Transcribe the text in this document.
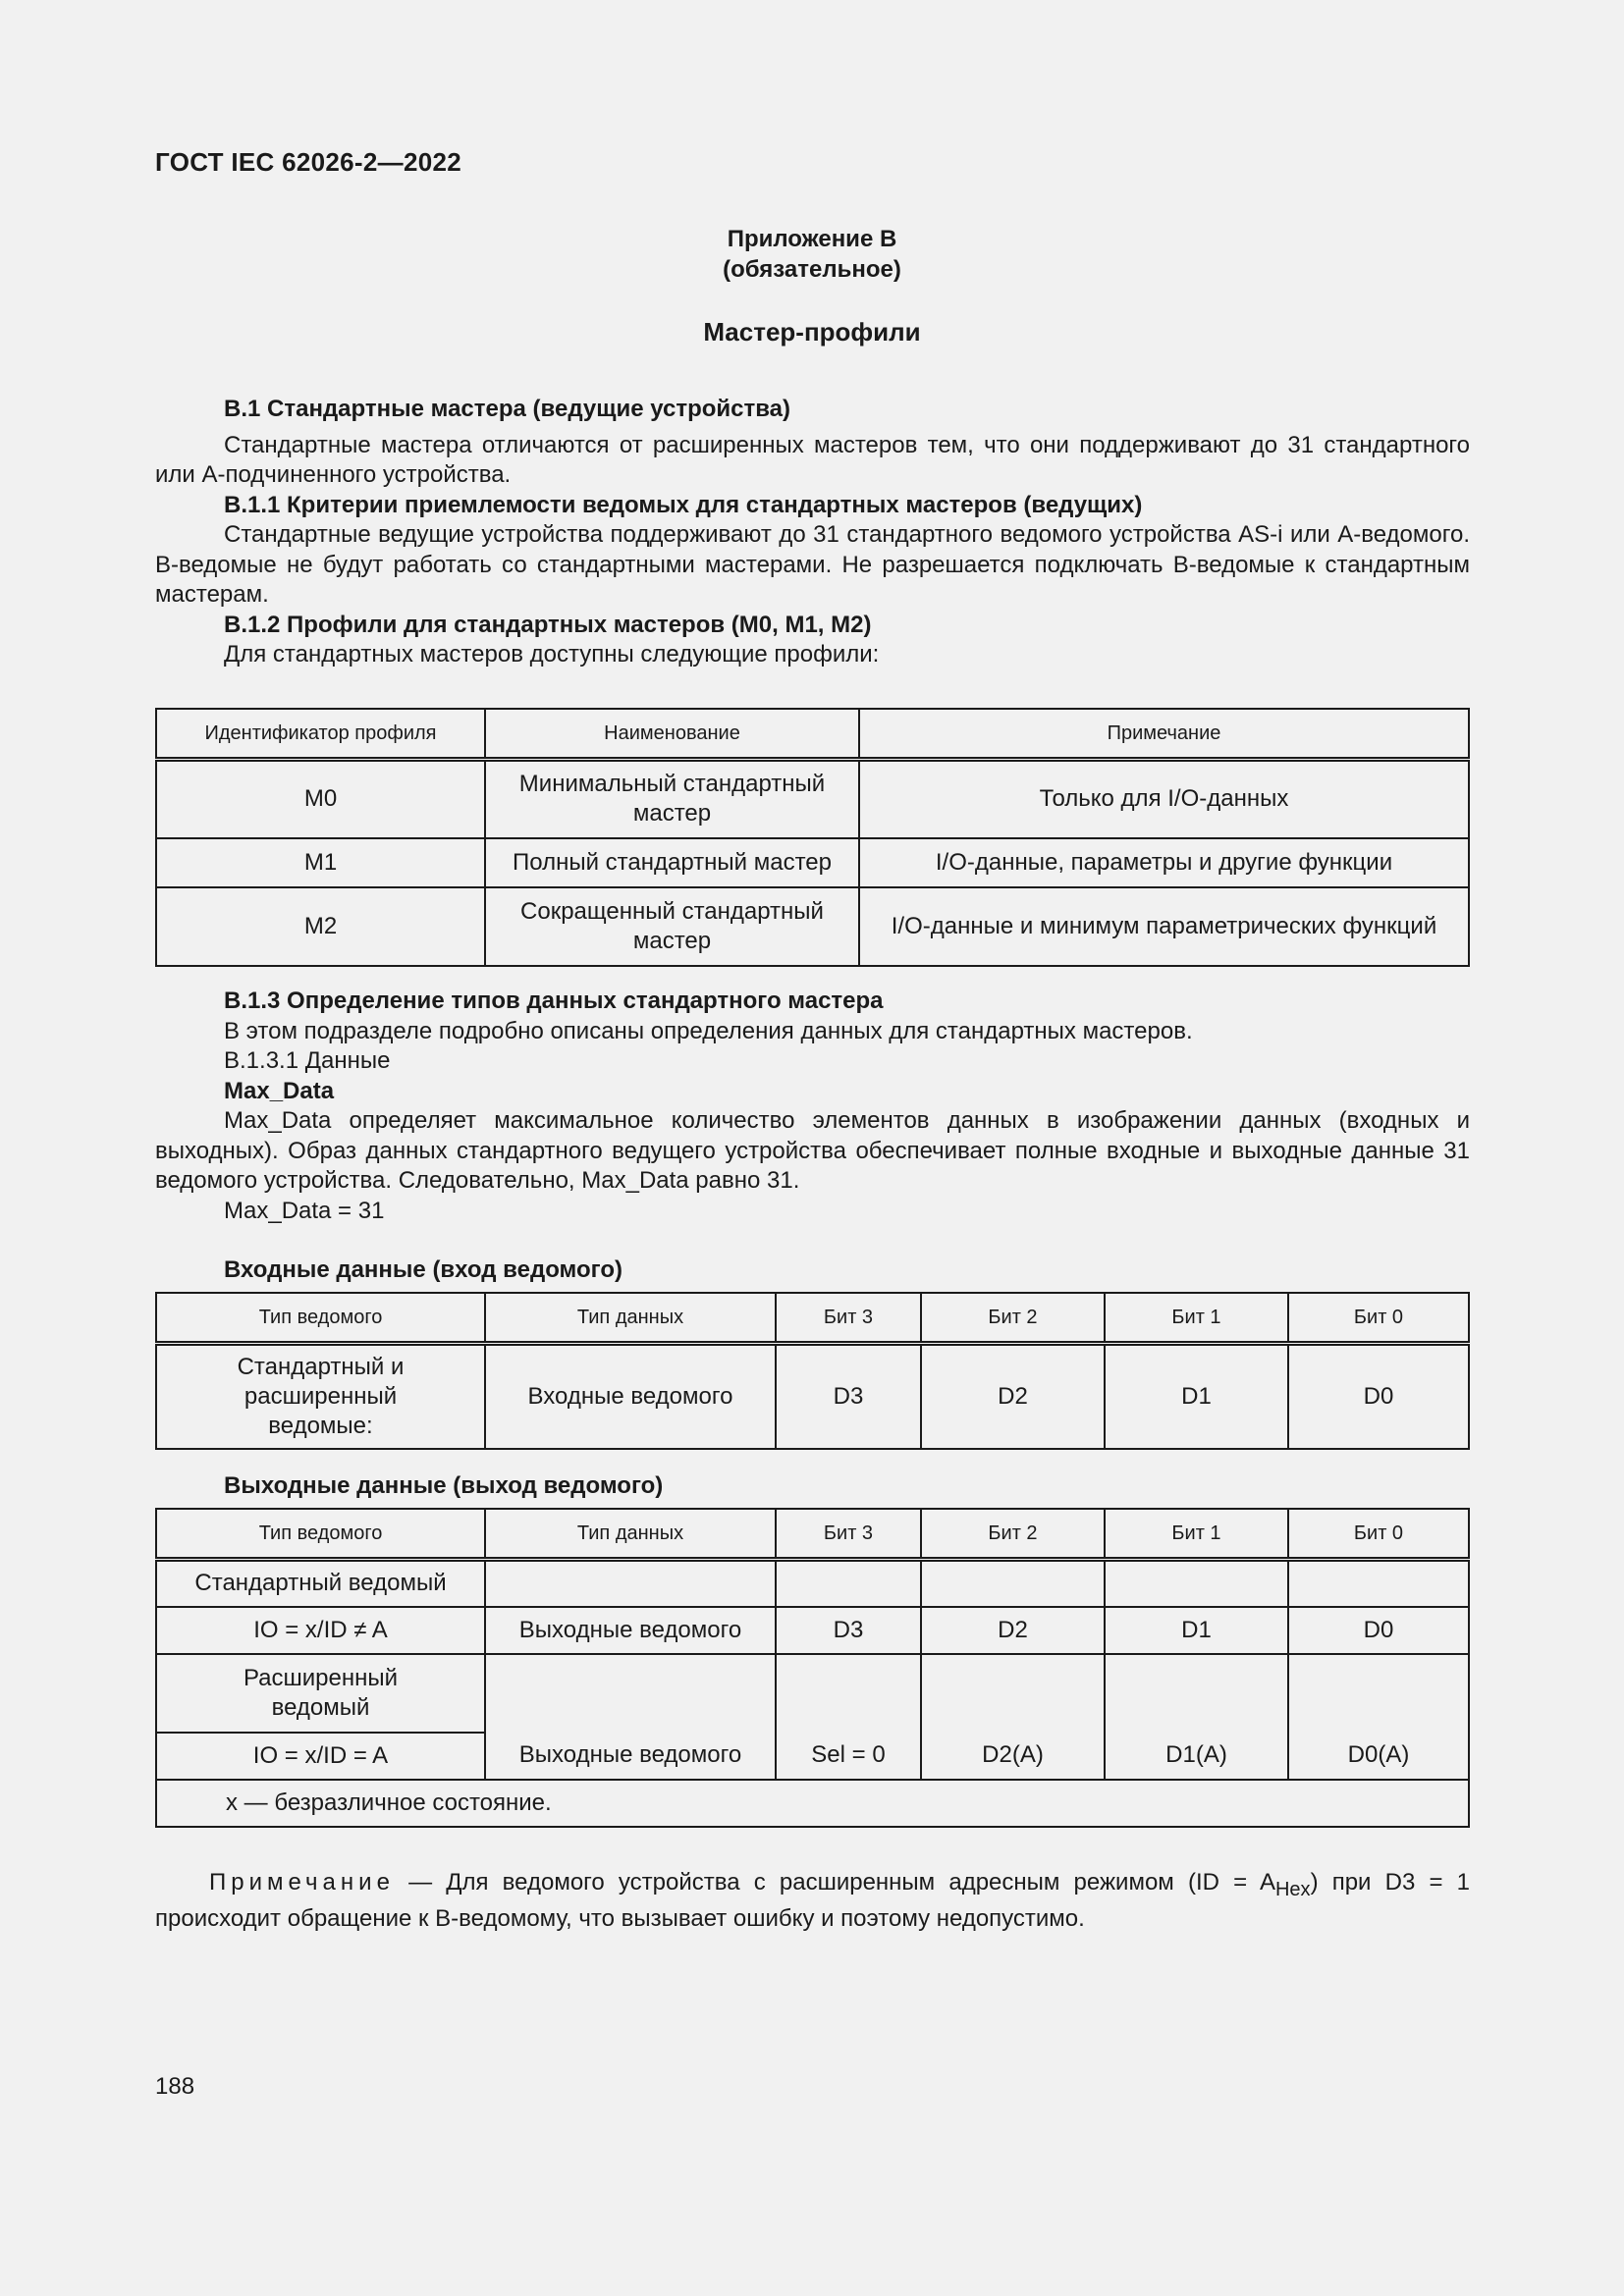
ГОСТ IEC 62026-2—2022
Приложение В
(обязательное)
Мастер-профили

В.1 Стандартные мастера (ведущие устройства)

Стандартные мастера отличаются от расширенных мастеров тем, что они поддерживают до 31 стандартного или А-подчиненного устройства.

В.1.1 Критерии приемлемости ведомых для стандартных мастеров (ведущих)

Стандартные ведущие устройства поддерживают до 31 стандартного ведомого устройства AS-i или А-ведомого. В-ведомые не будут работать со стандартными мастерами. Не разрешается подключать В-ведомые к стандартным мастерам.

В.1.2 Профили для стандартных мастеров (M0, M1, M2)

Для стандартных мастеров доступны следующие профили:

Идентификатор профиля	Наименование	Примечание
M0	Минимальный стандартный мастер	Только для I/O-данных
M1	Полный стандартный мастер	I/O-данные, параметры и другие функции
M2	Сокращенный стандартный мастер	I/O-данные и минимум параметрических функций

В.1.3 Определение типов данных стандартного мастера

В этом подразделе подробно описаны определения данных для стандартных мастеров.

В.1.3.1 Данные

Max_Data

Max_Data определяет максимальное количество элементов данных в изображении данных (входных и выходных). Образ данных стандартного ведущего устройства обеспечивает полные входные и выходные данные 31 ведомого устройства. Следовательно, Max_Data равно 31.

Max_Data = 31

Входные данные (вход ведомого)
Тип ведомого	Тип данных	Бит 3	Бит 2	Бит 1	Бит 0
Стандартный и расширенный ведомые:	Входные ведомого	D3	D2	D1	D0
Выходные данные (выход ведомого)
Тип ведомого	Тип данных	Бит 3	Бит 2	Бит 1	Бит 0
Стандартный ведомый					
IO = x/ID ≠ A	Выходные ведомого	D3	D2	D1	D0
Расширенный ведомый					
IO = x/ID = A	Выходные ведомого	Sel = 0	D2(A)	D1(A)	D0(A)
x — безразличное состояние.					
Примечание — Для ведомого устройства с расширенным адресным режимом $(ID = A_{Hex})$ при D3 = 1 происходит обращение к В-ведомому, что вызывает ошибку и поэтому недопустимо.
188
